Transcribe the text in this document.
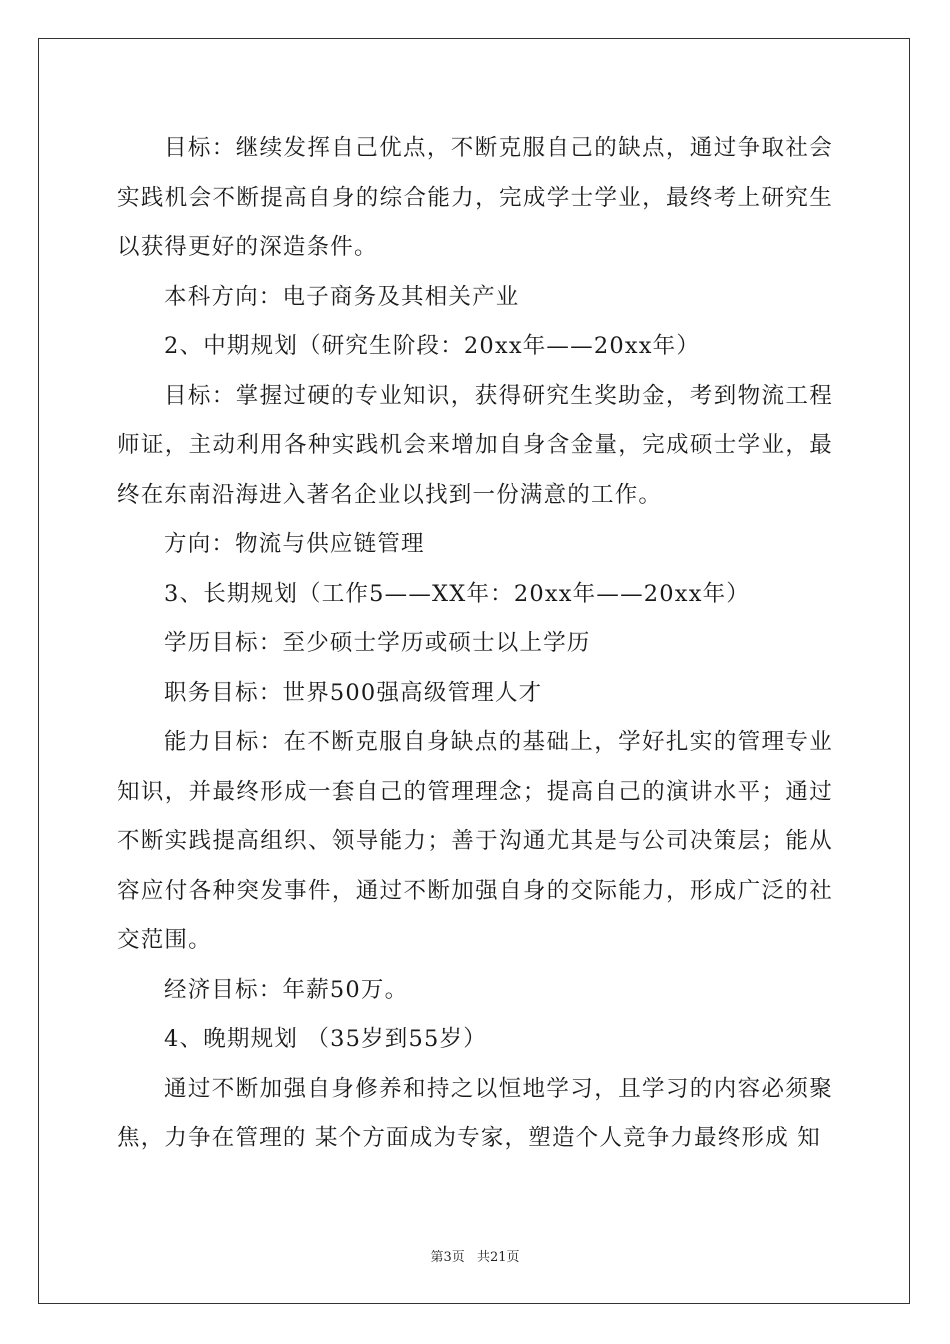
目标：继续发挥自己优点，不断克服自己的缺点，通过争取社会实践机会不断提高自身的综合能力，完成学士学业，最终考上研究生以获得更好的深造条件。

本科方向：电子商务及其相关产业

2、中期规划（研究生阶段：20xx年——20xx年）

目标：掌握过硬的专业知识，获得研究生奖助金，考到物流工程师证，主动利用各种实践机会来增加自身含金量，完成硕士学业，最终在东南沿海进入著名企业以找到一份满意的工作。

方向：物流与供应链管理

3、长期规划（工作5——XX年：20xx年——20xx年）

学历目标：至少硕士学历或硕士以上学历

职务目标：世界500强高级管理人才

能力目标：在不断克服自身缺点的基础上，学好扎实的管理专业知识，并最终形成一套自己的管理理念；提高自己的演讲水平；通过不断实践提高组织、领导能力；善于沟通尤其是与公司决策层；能从容应付各种突发事件，通过不断加强自身的交际能力，形成广泛的社交范围。

经济目标：年薪50万。

4、晚期规划 （35岁到55岁）

通过不断加强自身修养和持之以恒地学习，且学习的内容必须聚焦，力争在管理的 某个方面成为专家，塑造个人竞争力最终形成 知

第3页 共21页
